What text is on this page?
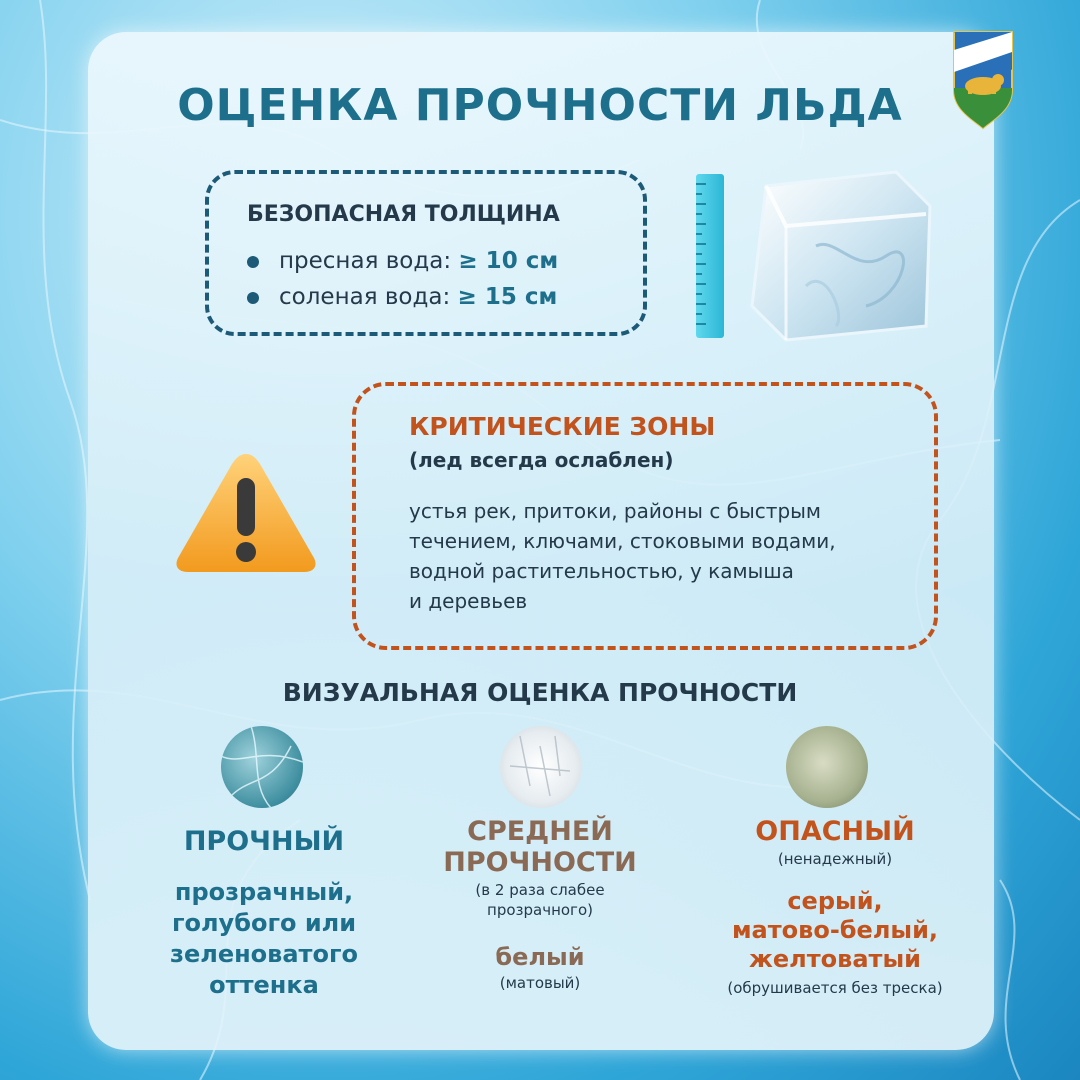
ОЦЕНКА ПРОЧНОСТИ ЛЬДА
БЕЗОПАСНАЯ ТОЛЩИНА
пресная вода: ≥ 10 см
соленая вода: ≥ 15 см
КРИТИЧЕСКИЕ ЗОНЫ
(лед всегда ослаблен)
устья рек, притоки, районы с быстрым
течением, ключами, стоковыми водами,
водной растительностью, у камыша
и деревьев
ВИЗУАЛЬНАЯ ОЦЕНКА ПРОЧНОСТИ
ПРОЧНЫЙ
прозрачный,
голубого или
зеленоватого
оттенка
СРЕДНЕЙ
ПРОЧНОСТИ
(в 2 раза слабее
прозрачного)
белый
(матовый)
ОПАСНЫЙ
(ненадежный)
серый,
матово-белый,
желтоватый
(обрушивается без треска)
